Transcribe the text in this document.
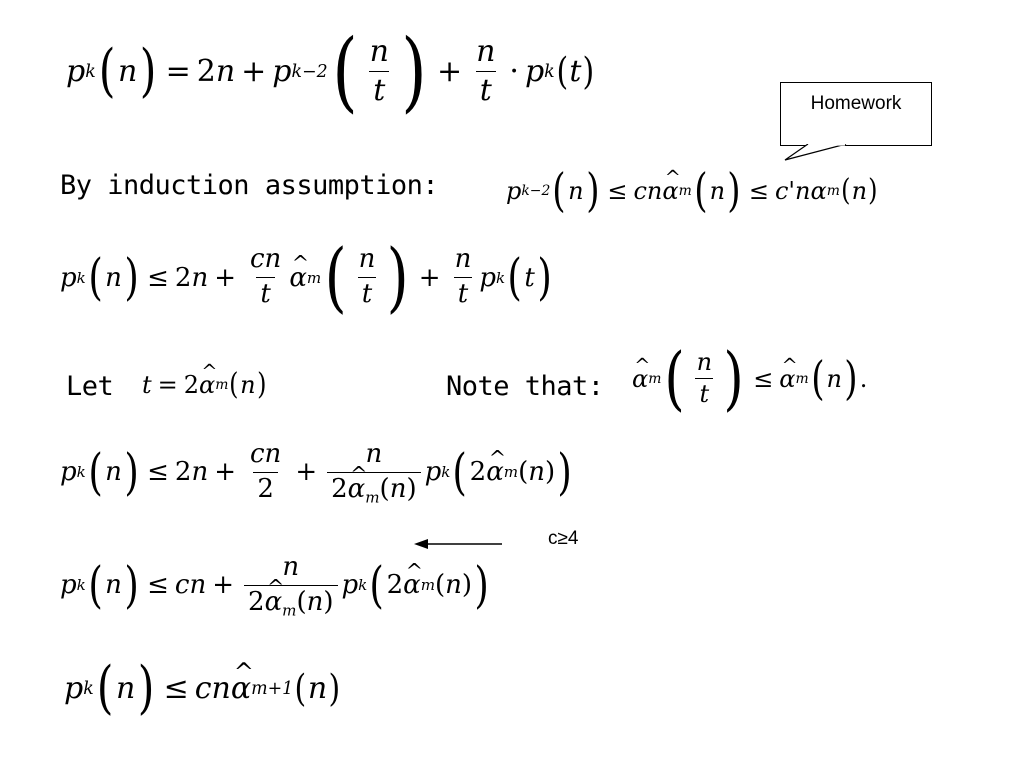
p k ( n ) = 2 n + p k−2 ( $\frac{n}{t}$ ) + $\frac{n}{t} \cdot p$ k ( t )
Homework
By induction assumption:	p k−2 ( n ) ≤ cn ^ α m ( n ) ≤ c' n α m ( n )
p k ( n ) ≤ 2 $n + \frac{cn}{t}$ ^ α m ( $\frac{n}{t}$ ) + $\frac{n}{t}$ p k ( t )
Let t = 2 ^ α m ( n )	Note that: ^ α m ( $\frac{n}{t}$ ) ≤ ^ α m ( n ) .
p k ( n ) ≤ 2 $n + \frac{cn}{2} + \frac{n}{2\^{} \alpha_m(n)}$ p k ( 2 ^ α m ( n ) )
c≥4
p k ( n ) ≤ cn + $\frac{n}{2\^{} \alpha_m(n)}$ p k ( 2 ^ α m ( n ) )
p k ( n ) ≤ cn ^ α m+1 ( n )
